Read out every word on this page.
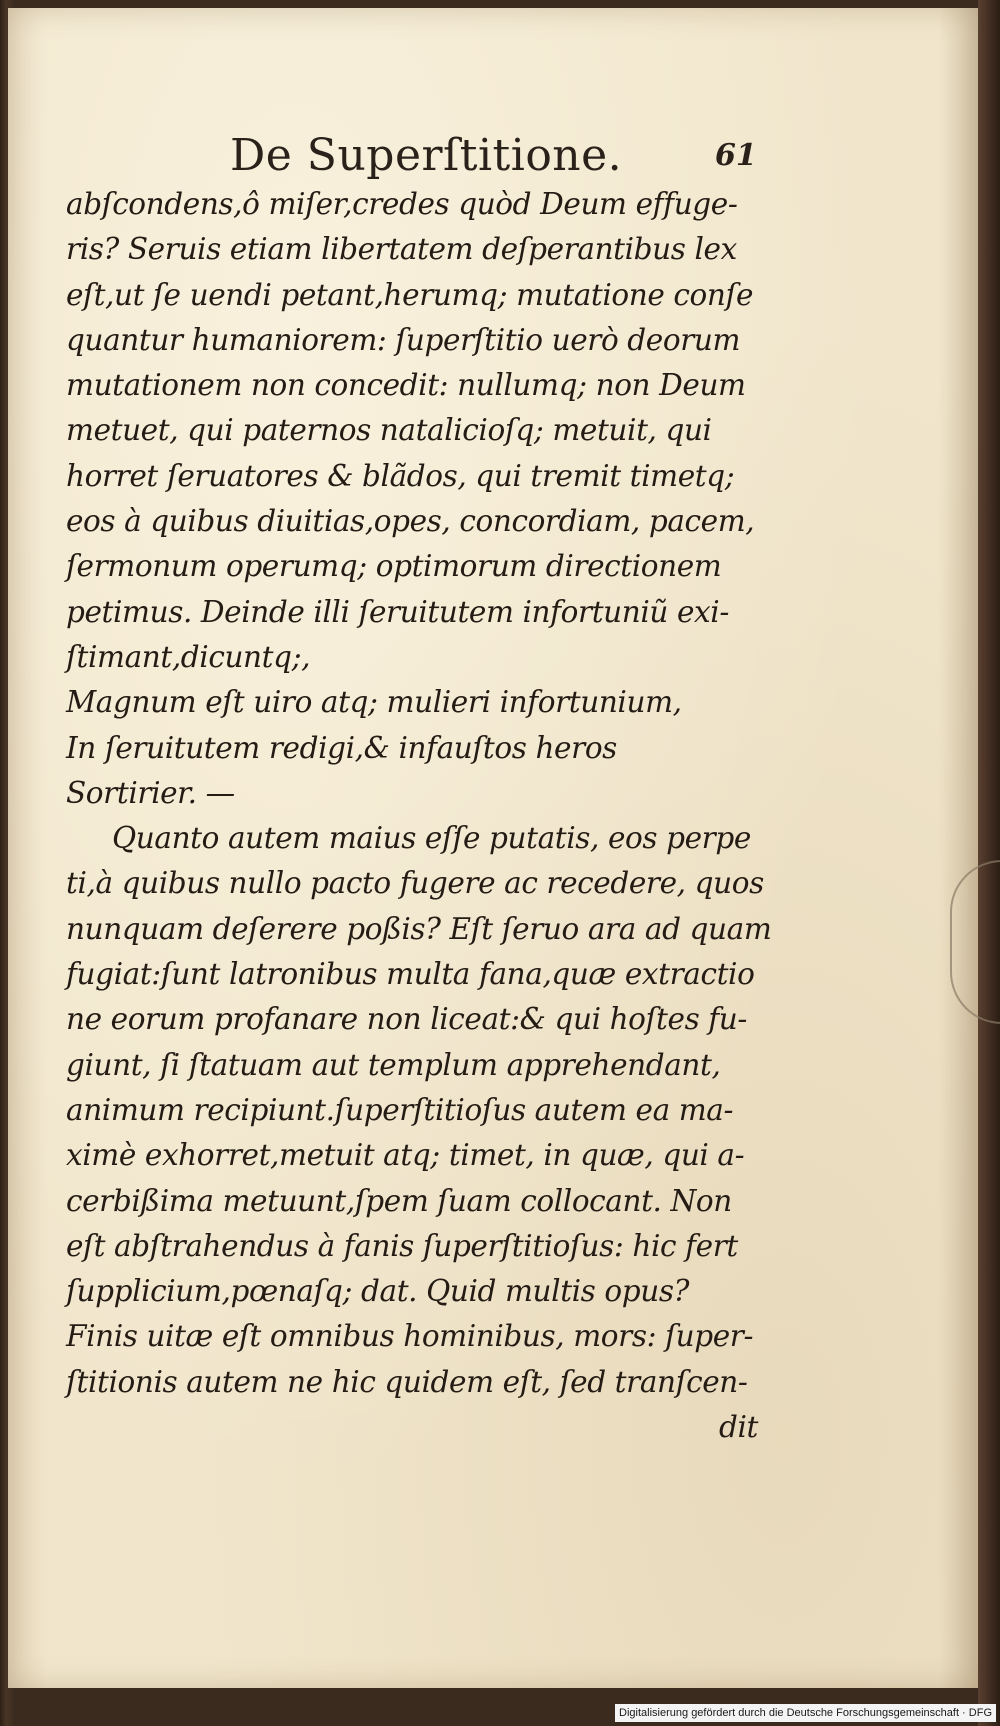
De Superſtitione.	61
abſcondens,ô miſer,credes quòd Deum effuge-
ris? Seruis etiam libertatem deſperantibus lex
eſt,ut ſe uendi petant,herumq; mutatione conſe
quantur humaniorem: ſuperſtitio uerò deorum
mutationem non concedit: nullumq; non Deum
metuet, qui paternos natalicioſq; metuit, qui
horret ſeruatores & blãdos, qui tremit timetq;
eos à quibus diuitias,opes, concordiam, pacem,
ſermonum operumq; optimorum directionem
petimus. Deinde illi ſeruitutem infortuniũ exi-
ſtimant,dicuntq;,
Magnum eſt uiro atq; mulieri infortunium,
In ſeruitutem redigi,& infauſtos heros
Sortirier. —
Quanto autem maius eſſe putatis, eos perpe
ti,à quibus nullo pacto fugere ac recedere, quos
nunquam deſerere poßis? Eſt ſeruo ara ad quam
fugiat:ſunt latronibus multa fana,quæ extractio
ne eorum profanare non liceat:& qui hoſtes fu-
giunt, ſi ſtatuam aut templum apprehendant,
animum recipiunt.ſuperſtitioſus autem ea ma-
ximè exhorret,metuit atq; timet, in quæ, qui a-
cerbißima metuunt,ſpem ſuam collocant. Non
eſt abſtrahendus à fanis ſuperſtitioſus: hic fert
ſupplicium,pœnaſq; dat. Quid multis opus?
Finis uitæ eſt omnibus hominibus, mors: ſuper-
ſtitionis autem ne hic quidem eſt, ſed tranſcen-
dit
Digitalisierung gefördert durch die Deutsche Forschungsgemeinschaft · DFG
